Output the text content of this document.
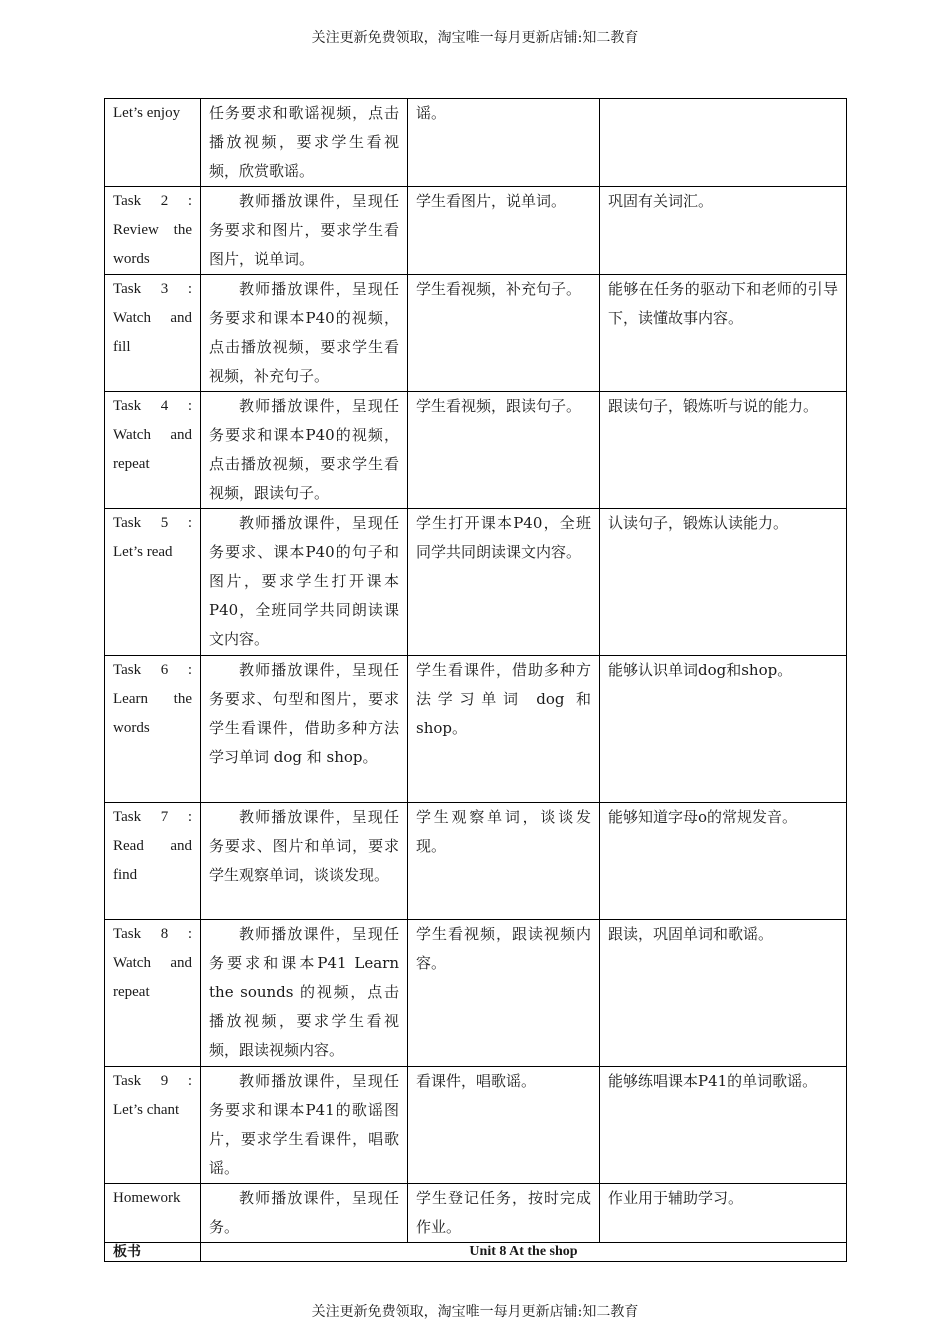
关注更新免费领取，淘宝唯一每月更新店铺:知二教育
Let’s enjoy	任务要求和歌谣视频，点击播放视频，要求学生看视频，欣赏歌谣。	谣。	
Task 2 : Review the words	教师播放课件，呈现任务要求和图片，要求学生看图片，说单词。	学生看图片，说单词。	巩固有关词汇。
Task 3 : Watch and fill	教师播放课件，呈现任务要求和课本P40的视频，点击播放视频，要求学生看视频，补充句子。	学生看视频，补充句子。	能够在任务的驱动下和老师的引导下，读懂故事内容。
Task 4 : Watch and repeat	教师播放课件，呈现任务要求和课本P40的视频，点击播放视频，要求学生看视频，跟读句子。	学生看视频，跟读句子。	跟读句子，锻炼听与说的能力。
Task 5 : Let’s read	教师播放课件，呈现任务要求、课本P40的句子和图片，要求学生打开课本P40，全班同学共同朗读课文内容。	学生打开课本P40，全班同学共同朗读课文内容。	认读句子，锻炼认读能力。
Task 6 : Learn the words	教师播放课件，呈现任务要求、句型和图片，要求学生看课件，借助多种方法学习单词 dog 和 shop。	学生看课件，借助多种方法学习单词 dog 和 shop。	能够认识单词dog和shop。
Task 7 : Read and find	教师播放课件，呈现任务要求、图片和单词，要求学生观察单词，谈谈发现。	学生观察单词，谈谈发现。	能够知道字母o的常规发音。
Task 8 : Watch and repeat	教师播放课件，呈现任务要求和课本P41 Learn the sounds 的视频，点击播放视频，要求学生看视频，跟读视频内容。	学生看视频，跟读视频内容。	跟读，巩固单词和歌谣。
Task 9 : Let’s chant	教师播放课件，呈现任务要求和课本P41的歌谣图片，要求学生看课件，唱歌谣。	看课件，唱歌谣。	能够练唱课本P41的单词歌谣。
Homework	教师播放课件，呈现任务。	学生登记任务，按时完成作业。	作业用于辅助学习。
板书	Unit 8 At the shop		
关注更新免费领取，淘宝唯一每月更新店铺:知二教育
